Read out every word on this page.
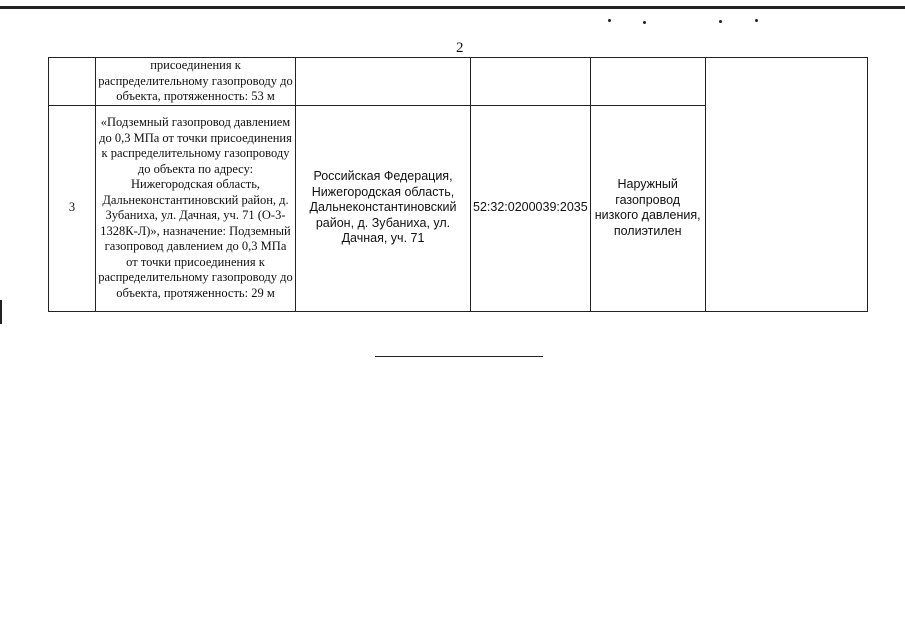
2
	присоединения к распределительному газопроводу до объекта, протяженность: 53 м				
3	«Подземный газопровод давлением до 0,3 МПа от точки присоединения к распределительному газопроводу до объекта по адресу: Нижегородская область, Дальнеконстантиновский район, д. Зубаниха, ул. Дачная, уч. 71 (О-3-1328К-Л)», назначение: Подземный газопровод давлением до 0,3 МПа от точки присоединения к распределительному газопроводу до объекта, протяженность: 29 м	Российская Федерация, Нижегородская область, Дальнеконстантиновский район, д. Зубаниха, ул. Дачная, уч. 71	52:32:0200039:2035	Наружный газопровод низкого давления, полиэтилен	
